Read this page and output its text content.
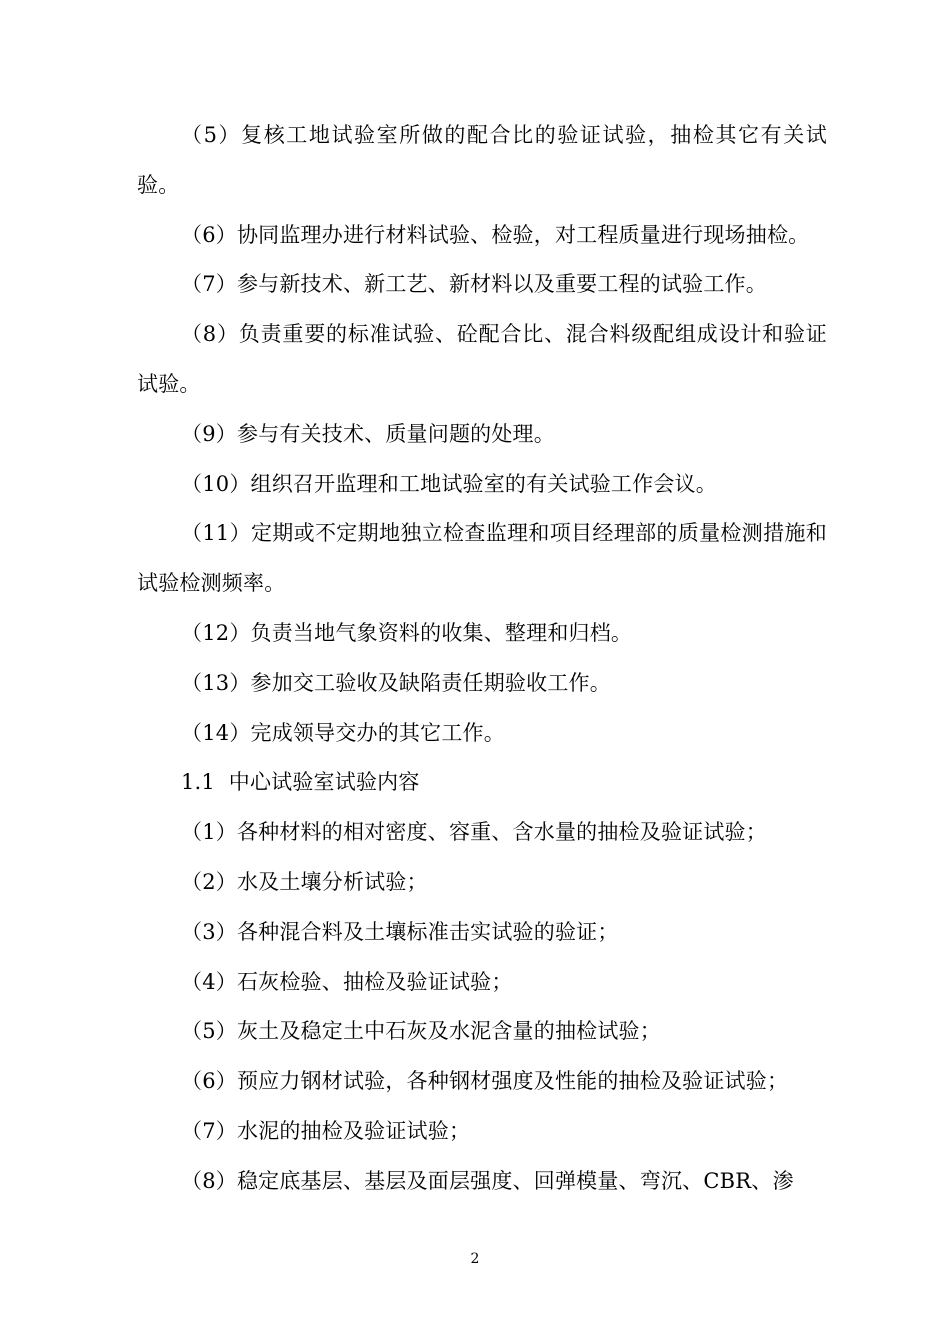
（5）复核工地试验室所做的配合比的验证试验，抽检其它有关试验。

（6）协同监理办进行材料试验、检验，对工程质量进行现场抽检。

（7）参与新技术、新工艺、新材料以及重要工程的试验工作。

（8）负责重要的标准试验、砼配合比、混合料级配组成设计和验证试验。

（9）参与有关技术、质量问题的处理。

（10）组织召开监理和工地试验室的有关试验工作会议。

（11）定期或不定期地独立检查监理和项目经理部的质量检测措施和试验检测频率。

（12）负责当地气象资料的收集、整理和归档。

（13）参加交工验收及缺陷责任期验收工作。

（14）完成领导交办的其它工作。

1.1  中心试验室试验内容

（1）各种材料的相对密度、容重、含水量的抽检及验证试验；

（2）水及土壤分析试验；

（3）各种混合料及土壤标准击实试验的验证；

（4）石灰检验、抽检及验证试验；

（5）灰土及稳定土中石灰及水泥含量的抽检试验；

（6）预应力钢材试验，各种钢材强度及性能的抽检及验证试验；

（7）水泥的抽检及验证试验；

（8）稳定底基层、基层及面层强度、回弹模量、弯沉、CBR、渗

2
